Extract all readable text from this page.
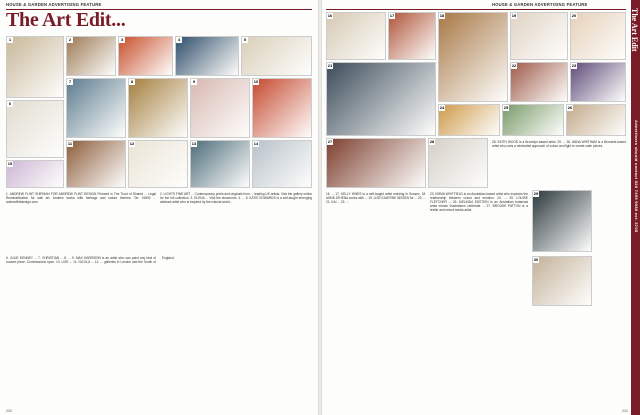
HOUSE & GARDEN ADVERTISING FEATURE
The Art Edit...
1	2	3	4	5
6
7	8	9	10
11	12	13	14
15
1. ANDREW FLINT SHIPMAN FOR ANDREW FLINT DESIGN Pictured is The Trust of Shared ... Legal Reclassification for wall art. Andrew works with heritage and nature themes. Tel: 01892 ... andrewflintdesign.com
2. LIGHTS FINE ART ... Contemporary prints and originals from ... leading UK artists. Visit the gallery online for the full collection. 3. ELENA ... Visit the showroom. 4. ... 5. KATIE EDWARDS is a self-taught emerging abstract artist who is inspired by the natural world...
6. JULIE DENNEY ... 7. CHRISTIAN ... 8. ... 9. MAX HARRISON is an artist who can paint any kind of custom piece. Commissions open. 10. LISE ... 11. NICOLA ... 12. ... galleries in London and the South of England.
220
HOUSE & GARDEN ADVERTISING FEATURE
16	17	18	19	20
21	22	23
24	25	26
27	28
29
30
16. ... 17. KELLY HINES is a self-taught artist residing in Sussex. 18. ANNE ATHENA works with ... 19. LISE KJAERNE NISSEN for ... 20. ... 21. KAI ... 22. ...
23. EMMA WHITFIELD is an Australian-based artist who explores the relationship between colour and emotion. 24. ... 25. LOUISE FLETCHER ... 26. MELINDA EDSTEIN is an Australian botanical artist whose illustrations celebrate ... 27. BROOKE PATTON is a textile and mixed media artist.
28. KEITH WOOD is a Brooklyn-based artist. 29. ... 30. ANNA WHITHAM is a Brussels-based artist who uses a minimalist approach of colour and light to create calm pieces.
The Art Edit
Advertisers should contact 020 7499 9080 ext. 3705
221
